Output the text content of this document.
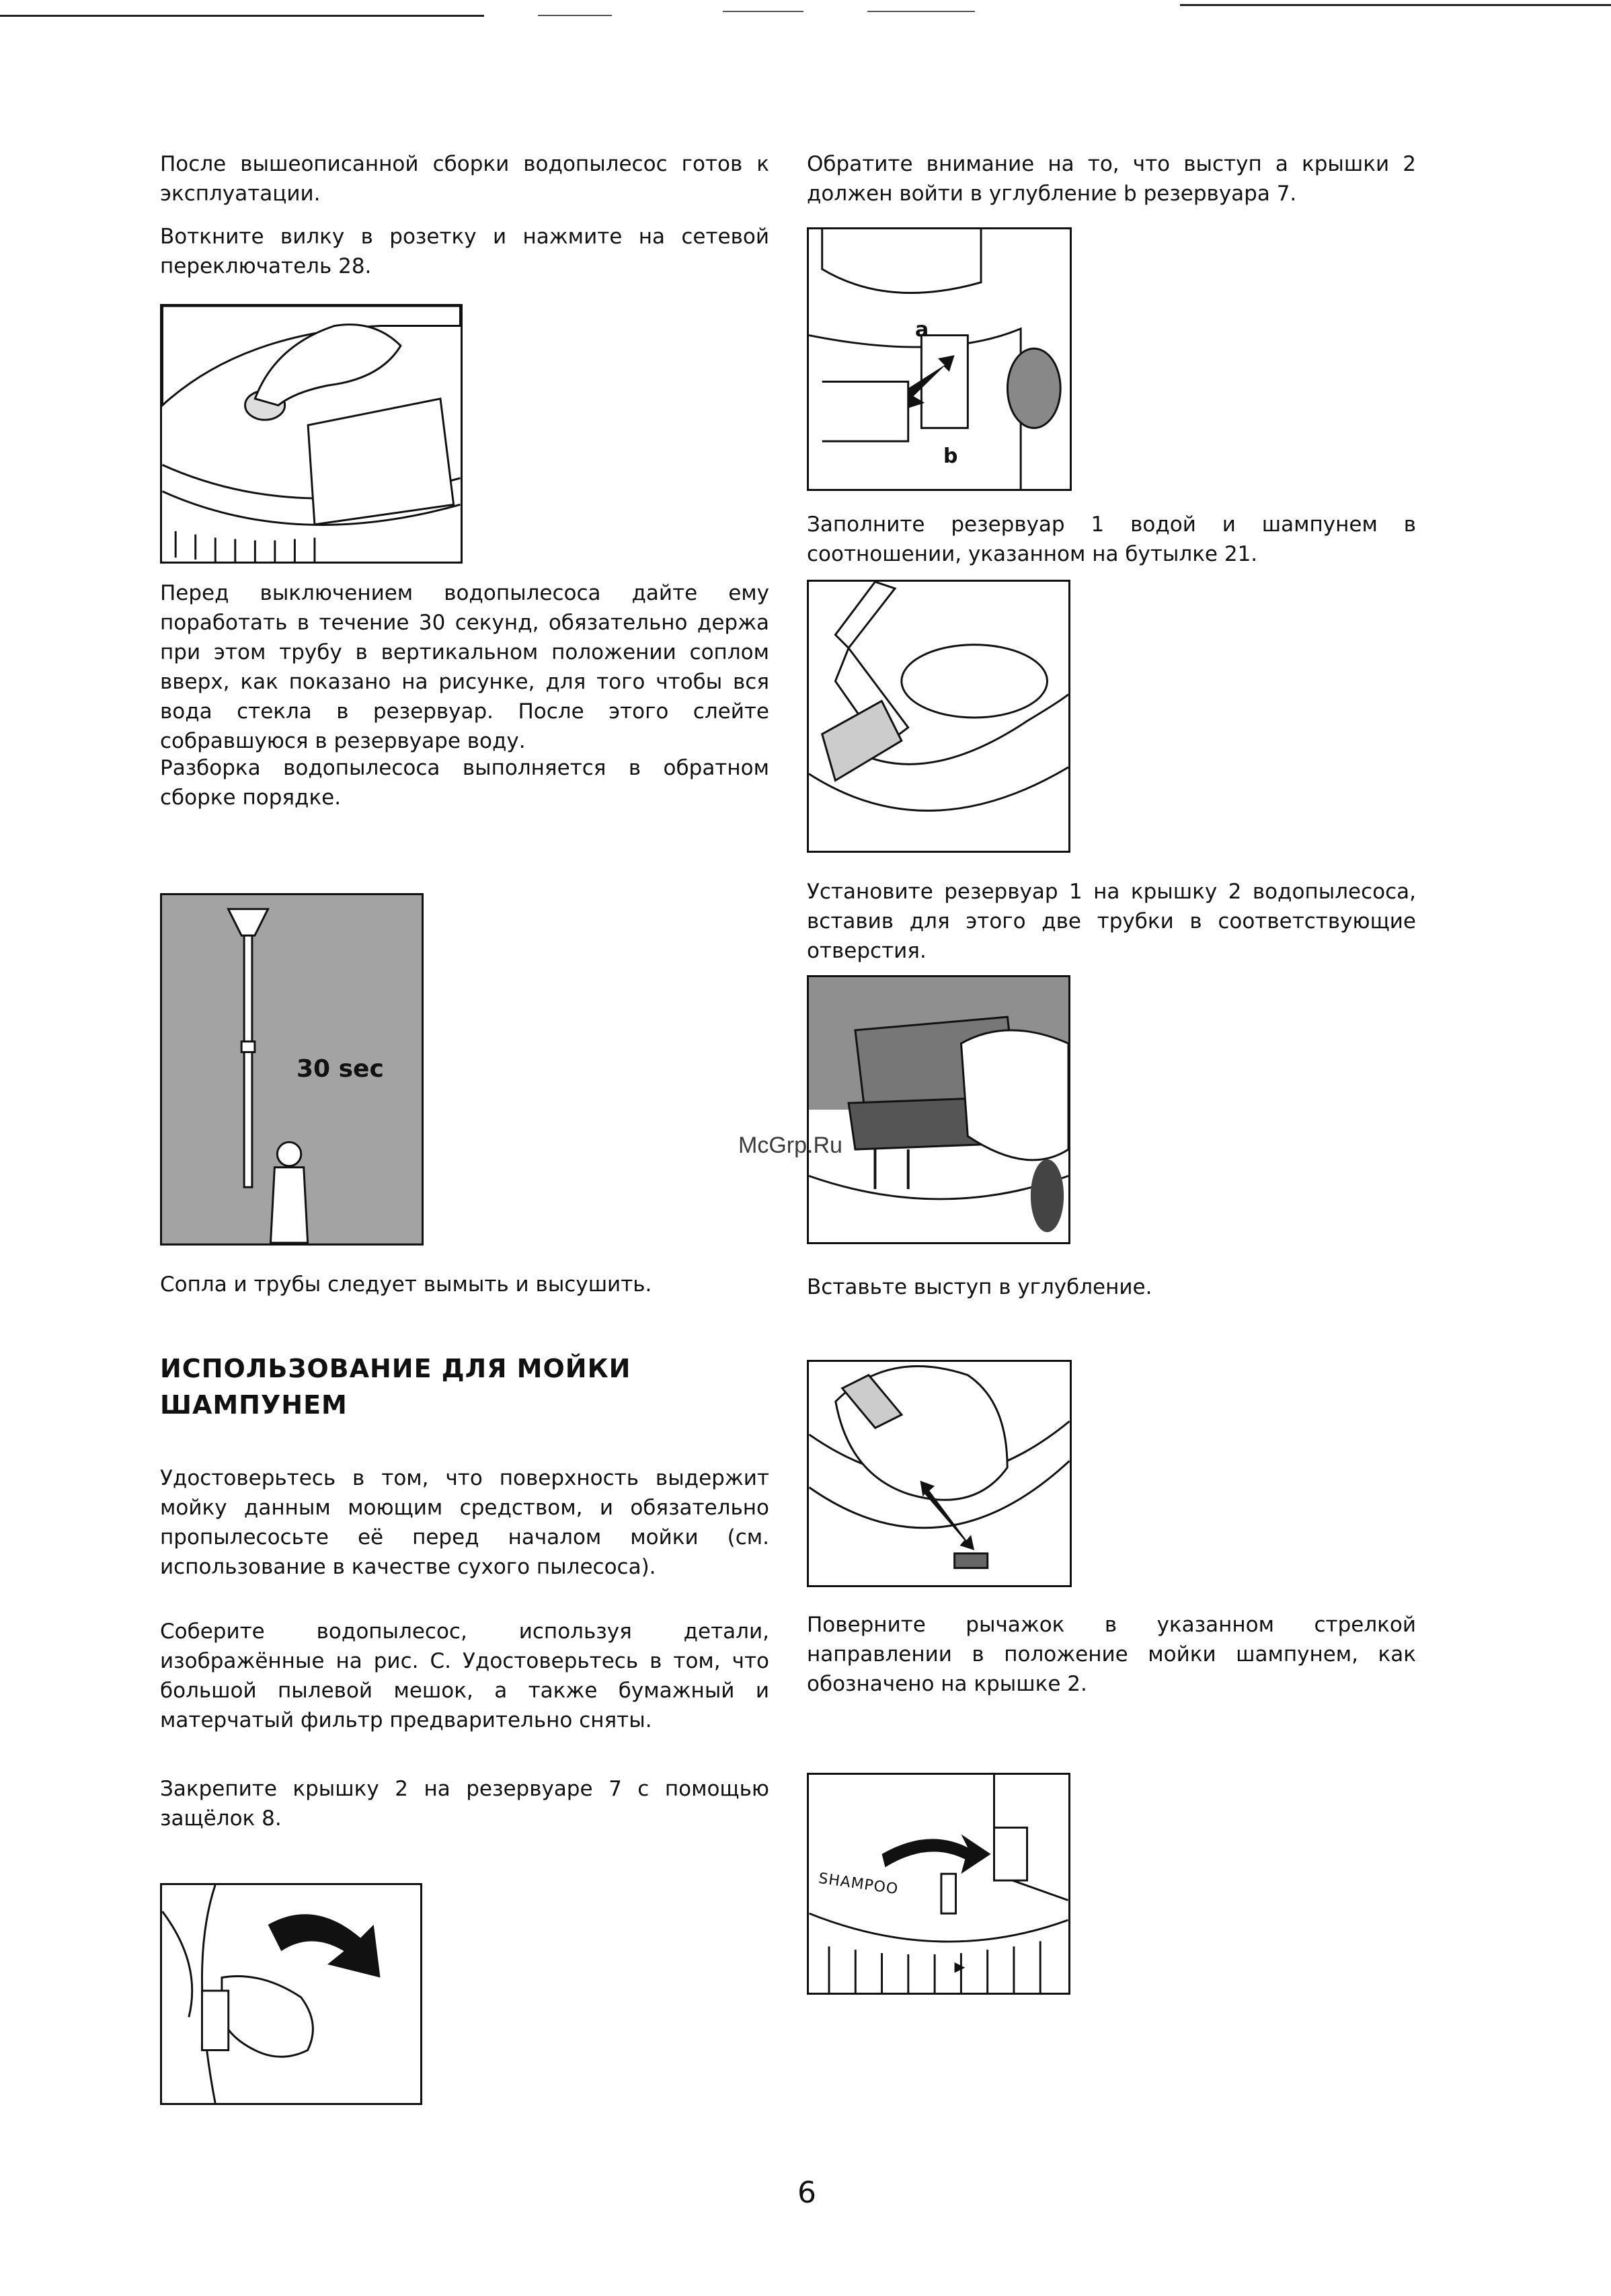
После вышеописанной сборки водопылесос готов к эксплуатации.

Воткните вилку в розетку и нажмите на сетевой переключатель 28.

Перед выключением водопылесоса дайте ему поработать в течение 30 секунд, обязательно держа при этом трубу в вертикальном положении соплом вверх, как показано на рисунке, для того чтобы вся вода стекла в резервуар. После этого слейте собравшуюся в резервуаре воду.

Разборка водопылесоса выполняется в обратном сборке порядке.

30 sec

Сопла и трубы следует вымыть и высушить.

ИСПОЛЬЗОВАНИЕ ДЛЯ МОЙКИ
ШАМПУНЕМ

Удостоверьтесь в том, что поверхность выдержит мойку данным моющим средством, и обязательно пропылесосьте её перед началом мойки (см. использование в качестве сухого пылесоса).

Соберите водопылесос, используя детали, изображённые на рис. С. Удостоверьтесь в том, что большой пылевой мешок, а также бумажный и матерчатый фильтр предварительно сняты.

Закрепите крышку 2 на резервуаре 7 с помощью защёлок 8.

Обратите внимание на то, что выступ а крышки 2 должен войти в углубление b резервуара 7.

a
b

Заполните резервуар 1 водой и шампунем в соотношении, указанном на бутылке 21.

Установите резервуар 1 на крышку 2 водопылесоса, вставив для этого две трубки в соответствующие отверстия.

McGrp.Ru

Вставьте выступ в углубление.

Поверните рычажок в указанном стрелкой направлении в положение мойки шампунем, как обозначено на крышке 2.

SHAMPOO
6
